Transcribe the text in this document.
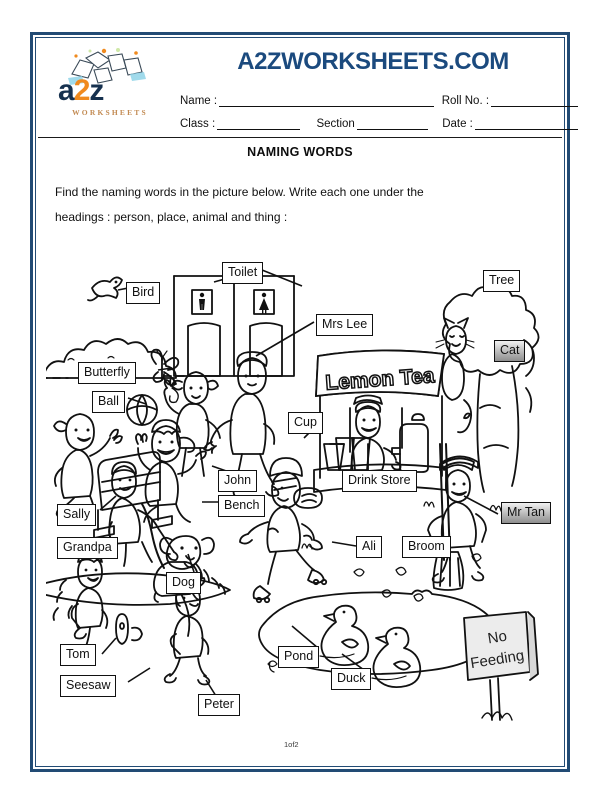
a2z
WORKSHEETS
A2ZWORKSHEETS.COM
Name :	Roll No. :
Class :	Section	Date :
NAMING WORDS
Find the naming words in the picture below. Write each one under the
headings : person, place, animal and thing :
Lemon Tea
No
Feeding
Bird
Toilet
Tree
Mrs Lee
Cat
Butterfly
Ball
Cup
John	Drink Store
Bench
Sally	Mr Tan
Grandpa	Ali	Broom
Dog
Pond
Tom
Duck
Seesaw
Peter
1of2
